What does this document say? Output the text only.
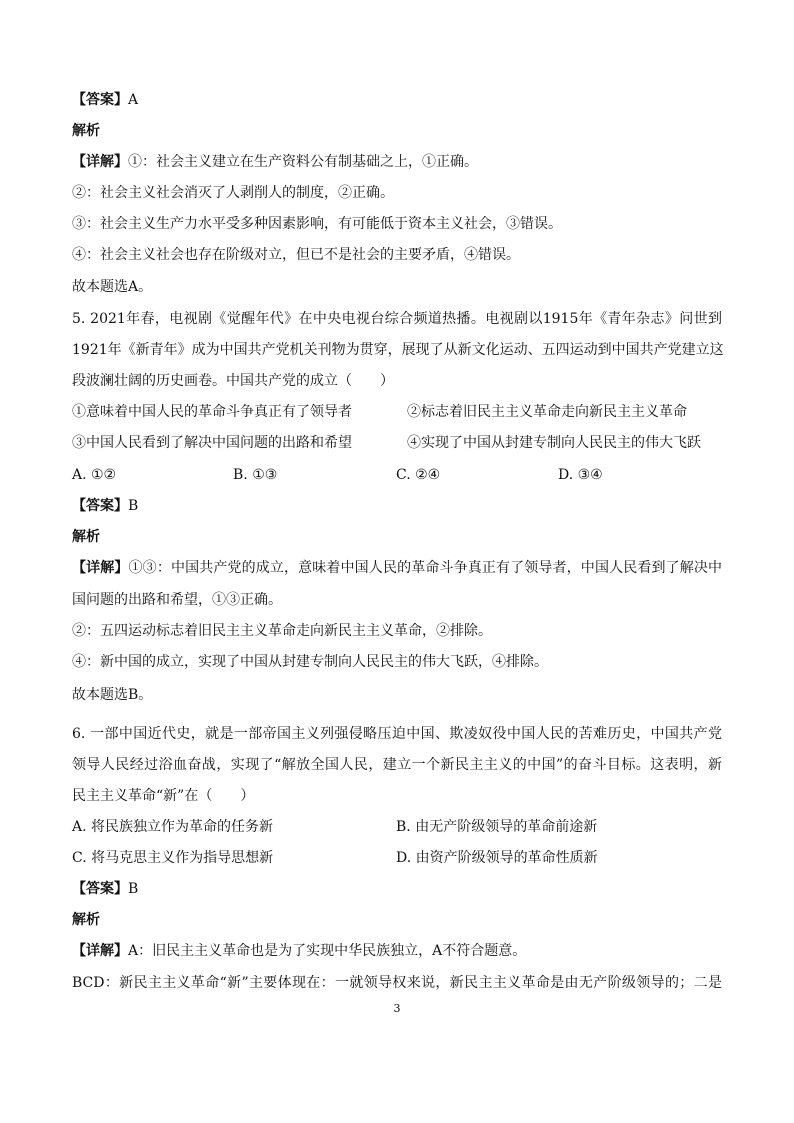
【答案】A
解析
【详解】①：社会主义建立在生产资料公有制基础之上，①正确。
②：社会主义社会消灭了人剥削人的制度，②正确。
③：社会主义生产力水平受多种因素影响，有可能低于资本主义社会，③错误。
④：社会主义社会也存在阶级对立，但已不是社会的主要矛盾，④错误。
故本题选A。
5. 2021年春，电视剧《觉醒年代》在中央电视台综合频道热播。电视剧以1915年《青年杂志》问世到
1921年《新青年》成为中国共产党机关刊物为贯穿，展现了从新文化运动、五四运动到中国共产党建立这
段波澜壮阔的历史画卷。中国共产党的成立（　　）
①意味着中国人民的革命斗争真正有了领导者	②标志着旧民主主义革命走向新民主主义革命
③中国人民看到了解决中国问题的出路和希望	④实现了中国从封建专制向人民民主的伟大飞跃
A. ①②	B. ①③	C. ②④	D. ③④
【答案】B
解析
【详解】①③：中国共产党的成立，意味着中国人民的革命斗争真正有了领导者，中国人民看到了解决中
国问题的出路和希望，①③正确。
②：五四运动标志着旧民主主义革命走向新民主主义革命，②排除。
④：新中国的成立，实现了中国从封建专制向人民民主的伟大飞跃，④排除。
故本题选B。
6. 一部中国近代史，就是一部帝国主义列强侵略压迫中国、欺凌奴役中国人民的苦难历史，中国共产党
领导人民经过浴血奋战，实现了“解放全国人民，建立一个新民主主义的中国”的奋斗目标。这表明，新
民主主义革命“新”在（　　）
A. 将民族独立作为革命的任务新	B. 由无产阶级领导的革命前途新
C. 将马克思主义作为指导思想新	D. 由资产阶级领导的革命性质新
【答案】B
解析
【详解】A：旧民主主义革命也是为了实现中华民族独立，A不符合题意。
BCD：新民主主义革命“新”主要体现在：一就领导权来说，新民主主义革命是由无产阶级领导的；二是
3
